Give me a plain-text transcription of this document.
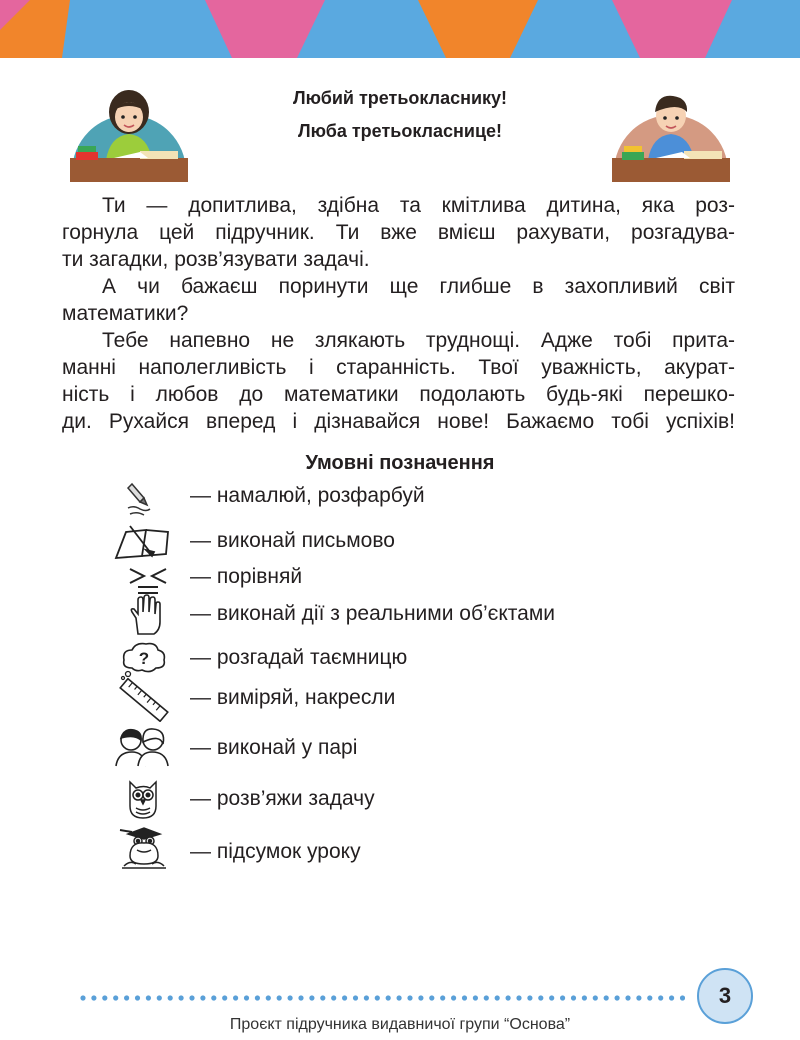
Любий третьокласнику!
Люба третьокласнице!

Ти — допитлива, здібна та кмітлива дитина, яка роз-

горнула цей підручник. Ти вже вмієш рахувати, розгадува-

ти загадки, розв’язувати задачі.

А чи бажаєш поринути ще глибше в захопливий світ

математики?

Тебе напевно не злякають труднощі. Адже тобі прита-

манні наполегливість і старанність. Твої уважність, акурат-

ність і любов до математики подолають будь-які перешко-

ди. Рухайся вперед і дізнавайся нове! Бажаємо тобі успіхів!

Умовні позначення
— намалюй, розфарбуй
— виконай письмово
— порівняй
— виконай дії з реальними об’єктами
? — розгадай таємницю
— виміряй, накресли
— виконай у парі
— розв’яжи задачу
— підсумок уроку
3
Проєкт підручника видавничої групи “Основа”
